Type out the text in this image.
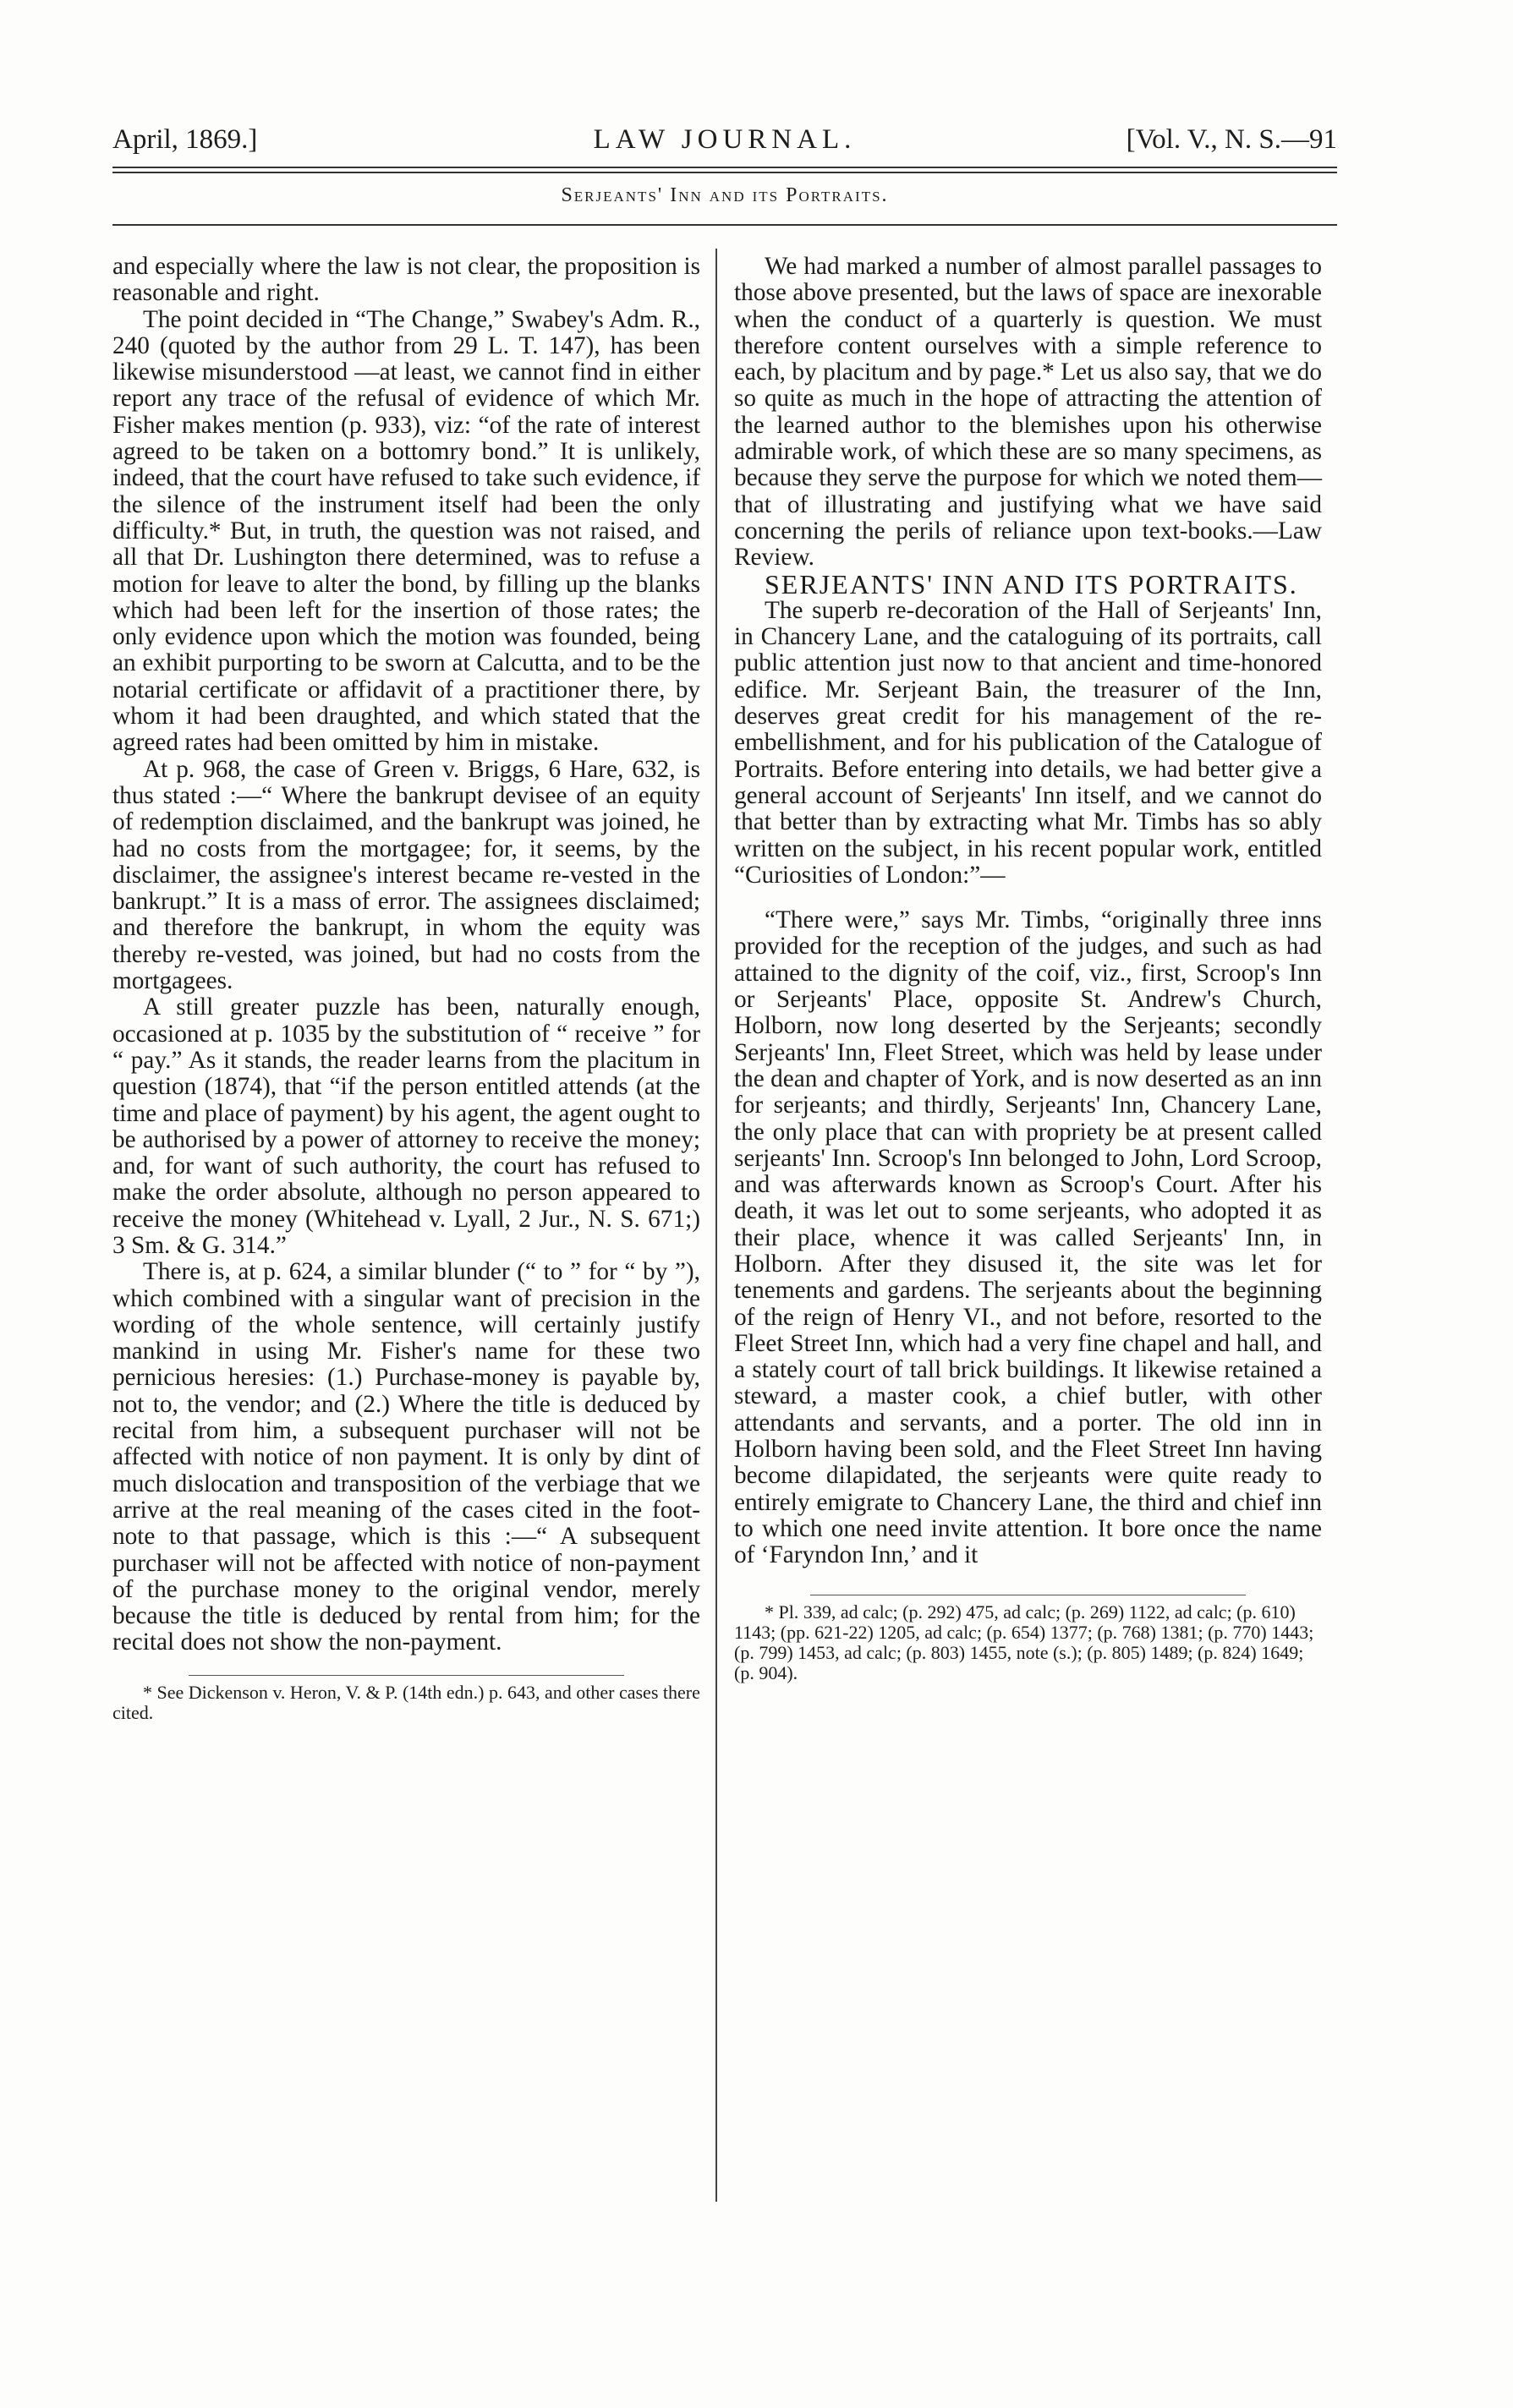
April, 1869.]	LAW JOURNAL.	[Vol. V., N. S.—91
Serjeants' Inn and its Portraits.

and especially where the law is not clear, the proposition is reasonable and right.

The point decided in “The Change,” Swabey's Adm. R., 240 (quoted by the author from 29 L. T. 147), has been likewise misunderstood —at least, we cannot find in either report any trace of the refusal of evidence of which Mr. Fisher makes mention (p. 933), viz: “of the rate of interest agreed to be taken on a bottomry bond.” It is unlikely, indeed, that the court have refused to take such evidence, if the silence of the instrument itself had been the only difficulty.* But, in truth, the question was not raised, and all that Dr. Lushington there determined, was to refuse a motion for leave to alter the bond, by filling up the blanks which had been left for the insertion of those rates; the only evidence upon which the motion was founded, being an exhibit purporting to be sworn at Calcutta, and to be the notarial certificate or affidavit of a practitioner there, by whom it had been draughted, and which stated that the agreed rates had been omitted by him in mistake.

At p. 968, the case of Green v. Briggs, 6 Hare, 632, is thus stated :—“ Where the bankrupt devisee of an equity of redemption disclaimed, and the bankrupt was joined, he had no costs from the mortgagee; for, it seems, by the disclaimer, the assignee's interest became re-vested in the bankrupt.” It is a mass of error. The assignees disclaimed; and therefore the bankrupt, in whom the equity was thereby re-vested, was joined, but had no costs from the mortgagees.

A still greater puzzle has been, naturally enough, occasioned at p. 1035 by the substitution of “ receive ” for “ pay.” As it stands, the reader learns from the placitum in question (1874), that “if the person entitled attends (at the time and place of payment) by his agent, the agent ought to be authorised by a power of attorney to receive the money; and, for want of such authority, the court has refused to make the order absolute, although no person appeared to receive the money (Whitehead v. Lyall, 2 Jur., N. S. 671;) 3 Sm. & G. 314.”

There is, at p. 624, a similar blunder (“ to ” for “ by ”), which combined with a singular want of precision in the wording of the whole sentence, will certainly justify mankind in using Mr. Fisher's name for these two pernicious heresies: (1.) Purchase-money is payable by, not to, the vendor; and (2.) Where the title is deduced by recital from him, a subsequent purchaser will not be affected with notice of non payment. It is only by dint of much dislocation and transposition of the verbiage that we arrive at the real meaning of the cases cited in the foot-note to that passage, which is this :—“ A subsequent purchaser will not be affected with notice of non-payment of the purchase money to the original vendor, merely because the title is deduced by rental from him; for the recital does not show the non-payment.

* See Dickenson v. Heron, V. & P. (14th edn.) p. 643, and other cases there cited.

We had marked a number of almost parallel passages to those above presented, but the laws of space are inexorable when the conduct of a quarterly is question. We must therefore content ourselves with a simple reference to each, by placitum and by page.* Let us also say, that we do so quite as much in the hope of attracting the attention of the learned author to the blemishes upon his otherwise admirable work, of which these are so many specimens, as because they serve the purpose for which we noted them—that of illustrating and justifying what we have said concerning the perils of reliance upon text-books.—Law Review.

SERJEANTS' INN AND ITS PORTRAITS.

The superb re-decoration of the Hall of Serjeants' Inn, in Chancery Lane, and the cataloguing of its portraits, call public attention just now to that ancient and time-honored edifice. Mr. Serjeant Bain, the treasurer of the Inn, deserves great credit for his management of the re-embellishment, and for his publication of the Catalogue of Portraits. Before entering into details, we had better give a general account of Serjeants' Inn itself, and we cannot do that better than by extracting what Mr. Timbs has so ably written on the subject, in his recent popular work, entitled “Curiosities of London:”—

“There were,” says Mr. Timbs, “originally three inns provided for the reception of the judges, and such as had attained to the dignity of the coif, viz., first, Scroop's Inn or Serjeants' Place, opposite St. Andrew's Church, Holborn, now long deserted by the Serjeants; secondly Serjeants' Inn, Fleet Street, which was held by lease under the dean and chapter of York, and is now deserted as an inn for serjeants; and thirdly, Serjeants' Inn, Chancery Lane, the only place that can with propriety be at present called serjeants' Inn. Scroop's Inn belonged to John, Lord Scroop, and was afterwards known as Scroop's Court. After his death, it was let out to some serjeants, who adopted it as their place, whence it was called Serjeants' Inn, in Holborn. After they disused it, the site was let for tenements and gardens. The serjeants about the beginning of the reign of Henry VI., and not before, resorted to the Fleet Street Inn, which had a very fine chapel and hall, and a stately court of tall brick buildings. It likewise retained a steward, a master cook, a chief butler, with other attendants and servants, and a porter. The old inn in Holborn having been sold, and the Fleet Street Inn having become dilapidated, the serjeants were quite ready to entirely emigrate to Chancery Lane, the third and chief inn to which one need invite attention. It bore once the name of ‘Faryndon Inn,’ and it

* Pl. 339, ad calc; (p. 292) 475, ad calc; (p. 269) 1122, ad calc; (p. 610) 1143; (pp. 621-22) 1205, ad calc; (p. 654) 1377; (p. 768) 1381; (p. 770) 1443; (p. 799) 1453, ad calc; (p. 803) 1455, note (s.); (p. 805) 1489; (p. 824) 1649; (p. 904).
